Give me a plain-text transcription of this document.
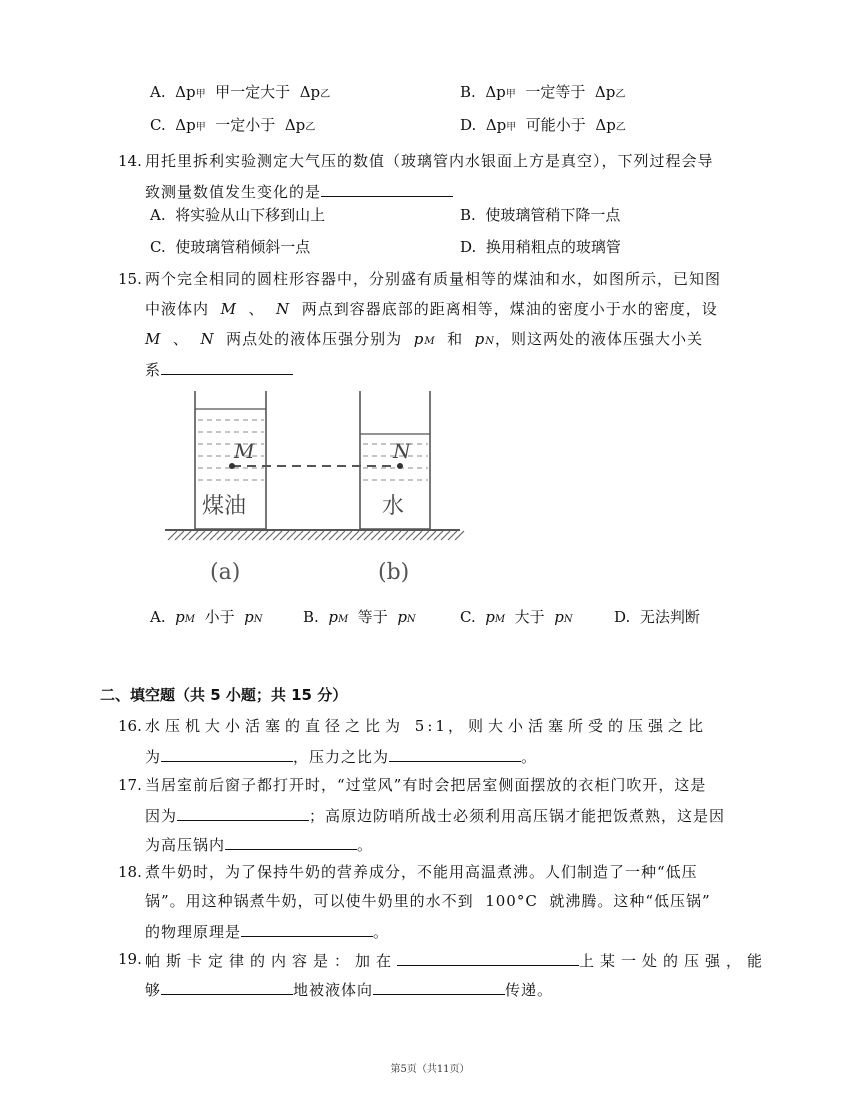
A. Δp甲  甲一定大于 Δp乙	B. Δp甲 一定等于 Δp乙
C. Δp甲 一定小于 Δp乙	D. Δp甲 可能小于 Δp乙
14. 用托里拆利实验测定大气压的数值（玻璃管内水银面上方是真空），下列过程会导
致测量数值发生变化的是
A. 将实验从山下移到山上	B. 使玻璃管稍下降一点
C. 使玻璃管稍倾斜一点	D. 换用稍粗点的玻璃管
15. 两个完全相同的圆柱形容器中，分别盛有质量相等的煤油和水，如图所示，已知图
中液体内 M 、 N 两点到容器底部的距离相等，煤油的密度小于水的密度，设
M 、 N 两点处的液体压强分别为 pM 和 pN，则这两处的液体压强大小关
系
M	N
煤油	水
(a)	(b)
A. pM 小于 pN	B. pM 等于 pN	C. pM 大于 pN	D. 无法判断
二、填空题（共 5 小题；共 15 分）
16. 水压机大小活塞的直径之比为 5:1，则大小活塞所受的压强之比
为	，压力之比为	。
17. 当居室前后窗子都打开时，“过堂风”有时会把居室侧面摆放的衣柜门吹开，这是
因为	；高原边防哨所战士必须利用高压锅才能把饭煮熟，这是因
为高压锅内	。
18. 煮牛奶时，为了保持牛奶的营养成分，不能用高温煮沸。人们制造了一种“低压
锅”。用这种锅煮牛奶，可以使牛奶里的水不到 100°C 就沸腾。这种“低压锅”
的物理原理是	。
19. 帕斯卡定律的内容是：加在	上某一处的压强，能
够	地被液体向	传递。
第5页（共11页）
